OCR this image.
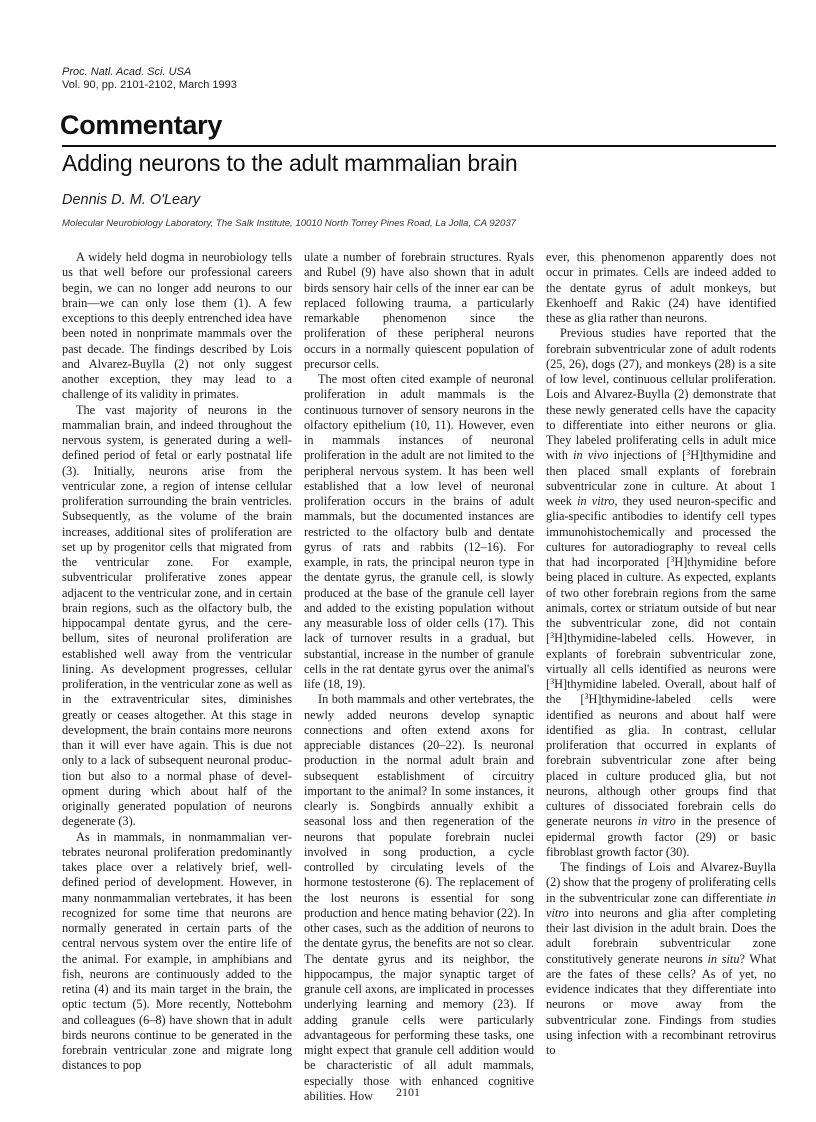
Proc. Natl. Acad. Sci. USA
Vol. 90, pp. 2101-2102, March 1993
Commentary
Adding neurons to the adult mammalian brain
Dennis D. M. O'Leary
Molecular Neurobiology Laboratory, The Salk Institute, 10010 North Torrey Pines Road, La Jolla, CA 92037

A widely held dogma in neurobiology tells us that well before our professional careers begin, we can no longer add neurons to our brain—we can only lose them (1). A few exceptions to this deeply entrenched idea have been noted in nonprimate mammals over the past decade. The findings described by Lois and Alvarez-Buylla (2) not only suggest another exception, they may lead to a challenge of its validity in primates.

The vast majority of neurons in the mammalian brain, and indeed throughout the nervous system, is generated during a well-defined period of fetal or early postnatal life (3). Initially, neurons arise from the ventricular zone, a region of intense cellular proliferation surrounding the brain ventricles. Subsequently, as the volume of the brain increases, additional sites of proliferation are set up by progenitor cells that migrated from the ventricular zone. For example, subventricular proliferative zones appear adjacent to the ventricular zone, and in certain brain regions, such as the olfactory bulb, the hippocampal dentate gyrus, and the cerebellum, sites of neuronal proliferation are established well away from the ventricular lining. As development progresses, cellular proliferation, in the ventricular zone as well as in the extraventricular sites, diminishes greatly or ceases altogether. At this stage in development, the brain contains more neurons than it will ever have again. This is due not only to a lack of subsequent neuronal production but also to a normal phase of development during which about half of the originally generated population of neurons degenerate (3).

As in mammals, in nonmammalian vertebrates neuronal proliferation predominantly takes place over a relatively brief, well-defined period of development. However, in many nonmammalian vertebrates, it has been recognized for some time that neurons are normally generated in certain parts of the central nervous system over the entire life of the animal. For example, in amphibians and fish, neurons are continuously added to the retina (4) and its main target in the brain, the optic tectum (5). More recently, Nottebohm and colleagues (6–8) have shown that in adult birds neurons continue to be generated in the forebrain ventricular zone and migrate long distances to pop

ulate a number of forebrain structures. Ryals and Rubel (9) have also shown that in adult birds sensory hair cells of the inner ear can be replaced following trauma, a particularly remarkable phenomenon since the proliferation of these peripheral neurons occurs in a normally quiescent population of precursor cells.

The most often cited example of neuronal proliferation in adult mammals is the continuous turnover of sensory neurons in the olfactory epithelium (10, 11). However, even in mammals instances of neuronal proliferation in the adult are not limited to the peripheral nervous system. It has been well established that a low level of neuronal proliferation occurs in the brains of adult mammals, but the documented instances are restricted to the olfactory bulb and dentate gyrus of rats and rabbits (12–16). For example, in rats, the principal neuron type in the dentate gyrus, the granule cell, is slowly produced at the base of the granule cell layer and added to the existing population without any measurable loss of older cells (17). This lack of turnover results in a gradual, but substantial, increase in the number of granule cells in the rat dentate gyrus over the animal's life (18, 19).

In both mammals and other vertebrates, the newly added neurons develop synaptic connections and often extend axons for appreciable distances (20–22). Is neuronal production in the normal adult brain and subsequent establishment of circuitry important to the animal? In some instances, it clearly is. Songbirds annually exhibit a seasonal loss and then regeneration of the neurons that populate forebrain nuclei involved in song production, a cycle controlled by circulating levels of the hormone testosterone (6). The replacement of the lost neurons is essential for song production and hence mating behavior (22). In other cases, such as the addition of neurons to the dentate gyrus, the benefits are not so clear. The dentate gyrus and its neighbor, the hippocampus, the major synaptic target of granule cell axons, are implicated in processes underlying learning and memory (23). If adding granule cells were particularly advantageous for performing these tasks, one might expect that granule cell addition would be characteristic of all adult mammals, especially those with enhanced cognitive abilities. How

ever, this phenomenon apparently does not occur in primates. Cells are indeed added to the dentate gyrus of adult monkeys, but Ekenhoeff and Rakic (24) have identified these as glia rather than neurons.

Previous studies have reported that the forebrain subventricular zone of adult rodents (25, 26), dogs (27), and monkeys (28) is a site of low level, continuous cellular proliferation. Lois and Alvarez-Buylla (2) demonstrate that these newly generated cells have the capacity to differentiate into either neurons or glia. They labeled proliferating cells in adult mice with in vivo injections of [$^3$H]thymidine and then placed small explants of forebrain subventricular zone in culture. At about 1 week in vitro, they used neuron-specific and glia-specific antibodies to identify cell types immunohistochemically and processed the cultures for autoradiography to reveal cells that had incorporated [$^3$H]thymidine before being placed in culture. As expected, explants of two other forebrain regions from the same animals, cortex or striatum outside of but near the subventricular zone, did not contain [$^3$H]thymidine-labeled cells. However, in explants of forebrain subventricular zone, virtually all cells identified as neurons were [$^3$H]thymidine labeled. Overall, about half of the [$^3$H]thymidine-labeled cells were identified as neurons and about half were identified as glia. In contrast, cellular proliferation that occurred in explants of forebrain subventricular zone after being placed in culture produced glia, but not neurons, although other groups find that cultures of dissociated forebrain cells do generate neurons in vitro in the presence of epidermal growth factor (29) or basic fibroblast growth factor (30).

The findings of Lois and Alvarez-Buylla (2) show that the progeny of proliferating cells in the subventricular zone can differentiate in vitro into neurons and glia after completing their last division in the adult brain. Does the adult forebrain subventricular zone constitutively generate neurons in situ? What are the fates of these cells? As of yet, no evidence indicates that they differentiate into neurons or move away from the subventricular zone. Findings from studies using infection with a recombinant retrovirus to

2101
